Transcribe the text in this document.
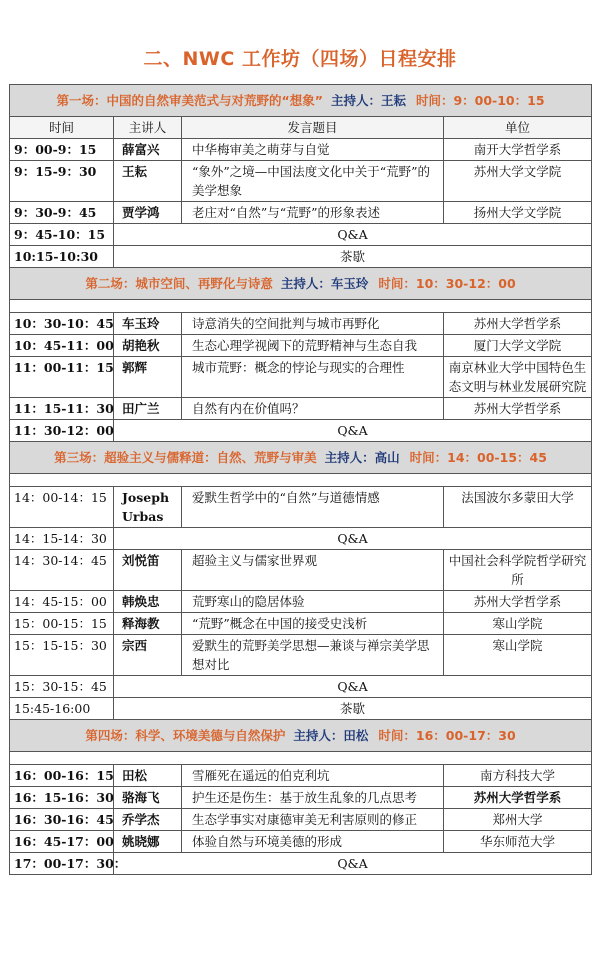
二、NWC 工作坊（四场）日程安排
第一场：中国的自然审美范式与对荒野的“想象” 主持人：王耘 时间：9：00-10：15			
时间	主讲人	发言题目	单位
9：00-9：15	薛富兴	中华梅审美之萌芽与自觉	南开大学哲学系
9：15-9：30	王耘	“象外”之境—中国法度文化中关于“荒野”的美学想象	苏州大学文学院
9：30-9：45	贾学鸿	老庄对“自然”与“荒野”的形象表述	扬州大学文学院
9：45-10：15	Q&A		
10:15-10:30	茶歇		
第二场：城市空间、再野化与诗意 主持人：车玉玲 时间：10：30-12：00			

10：30-10：45	车玉玲	诗意消失的空间批判与城市再野化	苏州大学哲学系
10：45-11：00	胡艳秋	生态心理学视阈下的荒野精神与生态自我	厦门大学文学院
11：00-11：15	郭辉	城市荒野：概念的悖论与现实的合理性	南京林业大学中国特色生态文明与林业发展研究院
11：15-11：30	田广兰	自然有内在价值吗？	苏州大学哲学系
11：30-12：00	Q&A		
第三场：超验主义与儒释道：自然、荒野与审美 主持人：高山 时间：14：00-15：45			

14：00-14：15	Joseph Urbas	爱默生哲学中的“自然”与道德情感	法国波尔多蒙田大学
14：15-14：30	Q&A		
14：30-14：45	刘悦笛	超验主义与儒家世界观	中国社会科学院哲学研究所
14：45-15：00	韩焕忠	荒野寒山的隐居体验	苏州大学哲学系
15：00-15：15	释海教	“荒野”概念在中国的接受史浅析	寒山学院
15：15-15：30	宗西	爱默生的荒野美学思想—兼谈与禅宗美学思想对比	寒山学院
15：30-15：45	Q&A		
15:45-16:00	茶歇		
第四场：科学、环境美德与自然保护 主持人：田松 时间：16：00-17：30			

16：00-16：15	田松	雪雁死在遥远的伯克利坑	南方科技大学
16：15-16：30	骆海飞	护生还是伤生：基于放生乱象的几点思考	苏州大学哲学系
16：30-16：45	乔学杰	生态学事实对康德审美无利害原则的修正	郑州大学
16：45-17：00	姚晓娜	体验自然与环境美德的形成	华东师范大学
17：00-17：30：	Q&A		
